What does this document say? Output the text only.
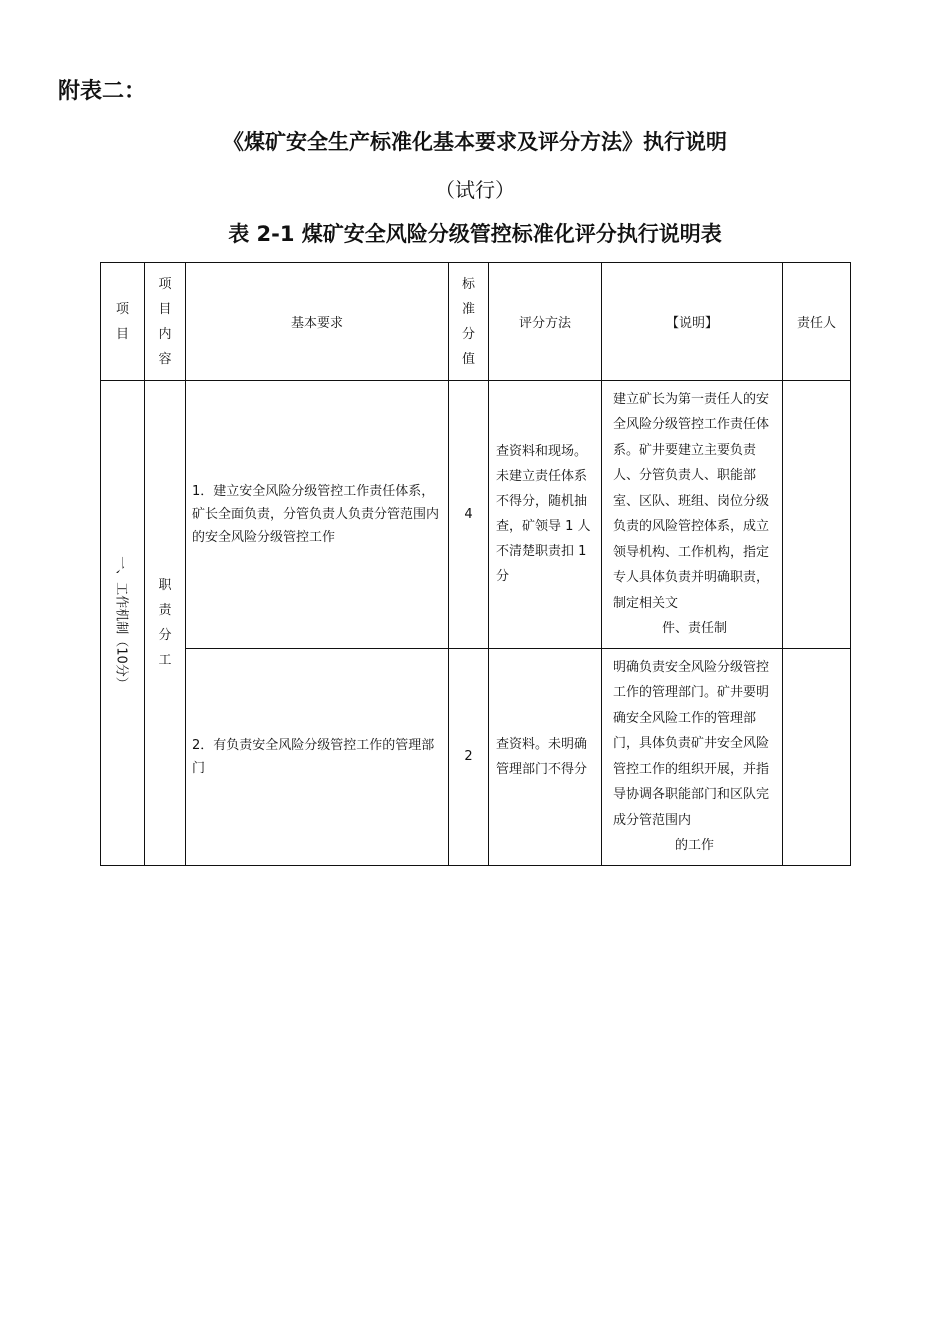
附表二：
《煤矿安全生产标准化基本要求及评分方法》执行说明
（试行）
表 2-1 煤矿安全风险分级管控标准化评分执行说明表
项目	项目内容	基本要求	标准分值	评分方法	【说明】	责任人

一、工作机制（10分）	职责分工	1．建立安全风险分级管控工作责任体系，矿长全面负责，分管负责人负责分管范围内的安全风险分级管控工作	4	查资料和现场。未建立责任体系不得分，随机抽查，矿领导 1 人不清楚职责扣 1 分	建立矿长为第一责任人的安全风险分级管控工作责任体系。矿井要建立主要负责人、分管负责人、职能部室、区队、班组、岗位分级负责的风险管控体系，成立领导机构、工作机构，指定专人具体负责并明确职责，制定相关文
件、责任制	

		2．有负责安全风险分级管控工作的管理部门	2	查资料。未明确管理部门不得分	明确负责安全风险分级管控工作的管理部门。矿井要明确安全风险工作的管理部门，具体负责矿井安全风险管控工作的组织开展，并指导协调各职能部门和区队完成分管范围内
的工作	
